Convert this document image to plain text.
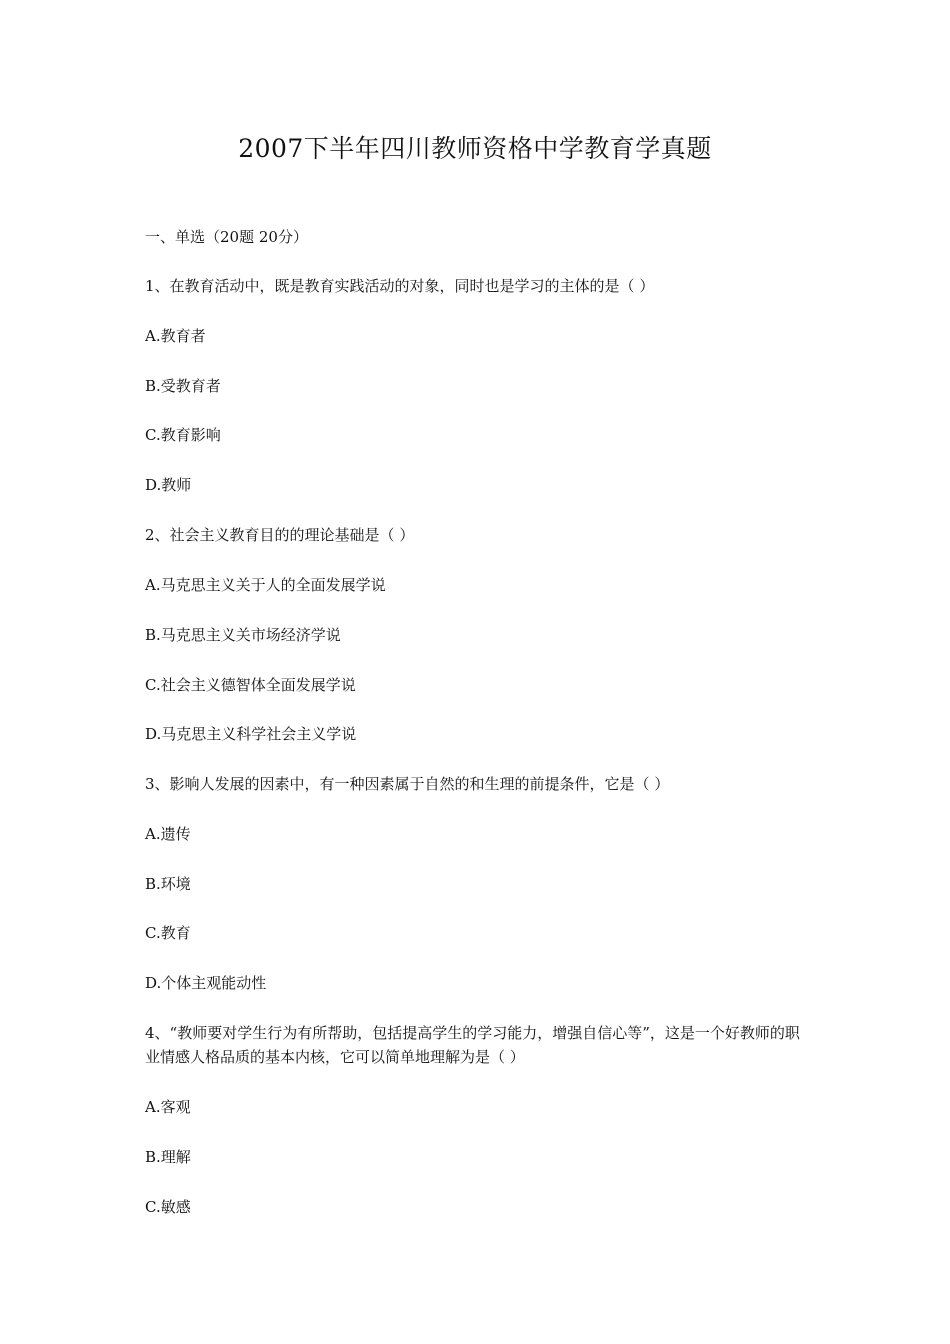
2007下半年四川教师资格中学教育学真题
一、单选（20题 20分）
1、在教育活动中，既是教育实践活动的对象，同时也是学习的主体的是（ ）
A.教育者
B.受教育者
C.教育影响
D.教师
2、社会主义教育目的的理论基础是（ ）
A.马克思主义关于人的全面发展学说
B.马克思主义关市场经济学说
C.社会主义德智体全面发展学说
D.马克思主义科学社会主义学说
3、影响人发展的因素中，有一种因素属于自然的和生理的前提条件，它是（ ）
A.遗传
B.环境
C.教育
D.个体主观能动性
4、“教师要对学生行为有所帮助，包括提高学生的学习能力，增强自信心等”，这是一个好教师的职业情感人格品质的基本内核，它可以简单地理解为是（ ）
A.客观
B.理解
C.敏感
